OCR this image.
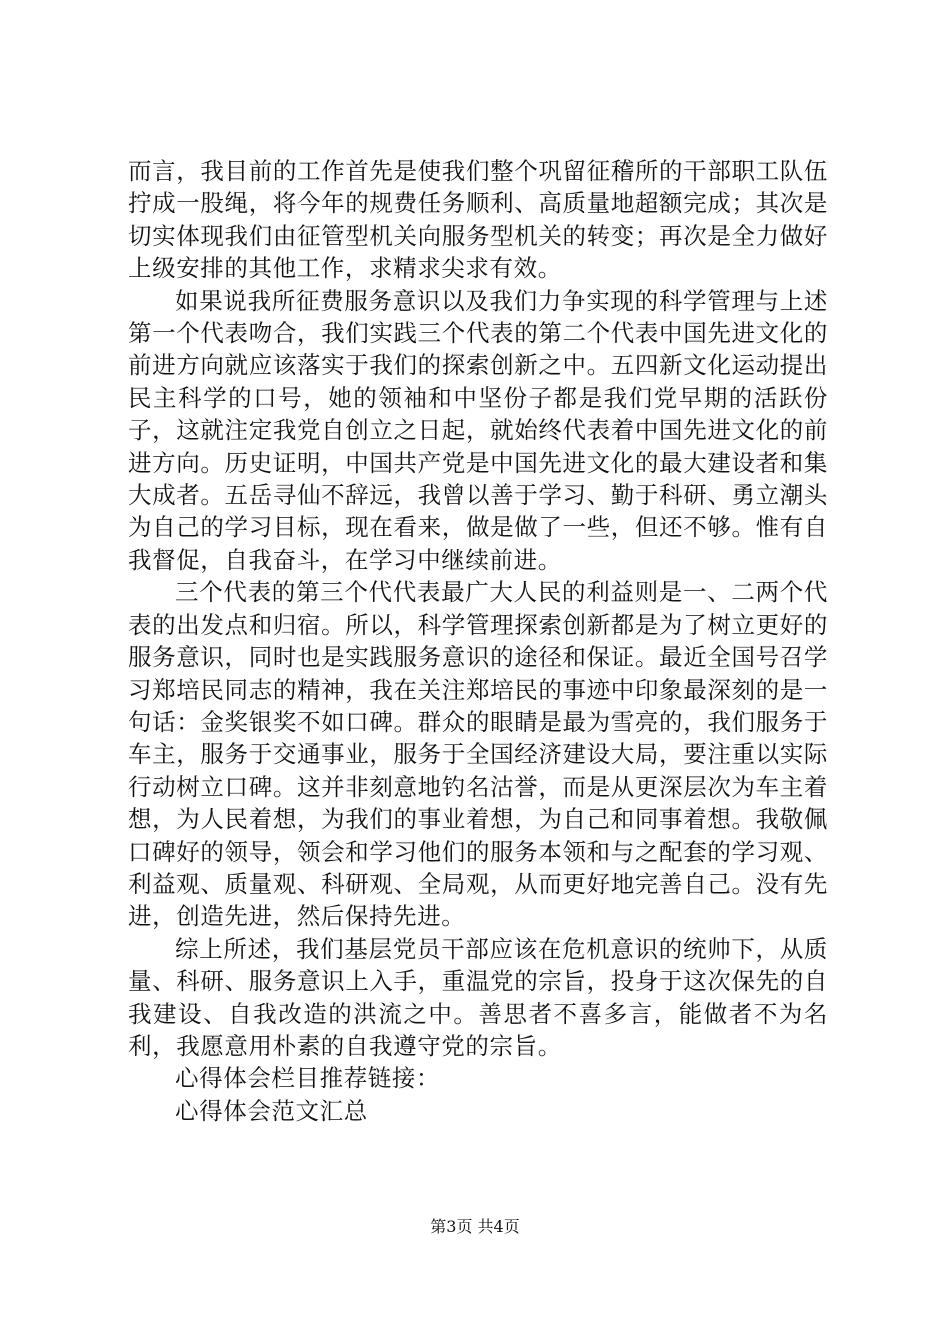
而言，我目前的工作首先是使我们整个巩留征稽所的干部职工队伍拧成一股绳，将今年的规费任务顺利、高质量地超额完成；其次是切实体现我们由征管型机关向服务型机关的转变；再次是全力做好上级安排的其他工作，求精求尖求有效。

如果说我所征费服务意识以及我们力争实现的科学管理与上述第一个代表吻合，我们实践三个代表的第二个代表中国先进文化的前进方向就应该落实于我们的探索创新之中。五四新文化运动提出民主科学的口号，她的领袖和中坚份子都是我们党早期的活跃份子，这就注定我党自创立之日起，就始终代表着中国先进文化的前进方向。历史证明，中国共产党是中国先进文化的最大建设者和集大成者。五岳寻仙不辞远，我曾以善于学习、勤于科研、勇立潮头为自己的学习目标，现在看来，做是做了一些，但还不够。惟有自我督促，自我奋斗，在学习中继续前进。

三个代表的第三个代代表最广大人民的利益则是一、二两个代表的出发点和归宿。所以，科学管理探索创新都是为了树立更好的服务意识，同时也是实践服务意识的途径和保证。最近全国号召学习郑培民同志的精神，我在关注郑培民的事迹中印象最深刻的是一句话：金奖银奖不如口碑。群众的眼睛是最为雪亮的，我们服务于车主，服务于交通事业，服务于全国经济建设大局，要注重以实际行动树立口碑。这并非刻意地钓名沽誉，而是从更深层次为车主着想，为人民着想，为我们的事业着想，为自己和同事着想。我敬佩口碑好的领导，领会和学习他们的服务本领和与之配套的学习观、利益观、质量观、科研观、全局观，从而更好地完善自己。没有先进，创造先进，然后保持先进。

综上所述，我们基层党员干部应该在危机意识的统帅下，从质量、科研、服务意识上入手，重温党的宗旨，投身于这次保先的自我建设、自我改造的洪流之中。善思者不喜多言，能做者不为名利，我愿意用朴素的自我遵守党的宗旨。

心得体会栏目推荐链接：

心得体会范文汇总

第3页 共4页
